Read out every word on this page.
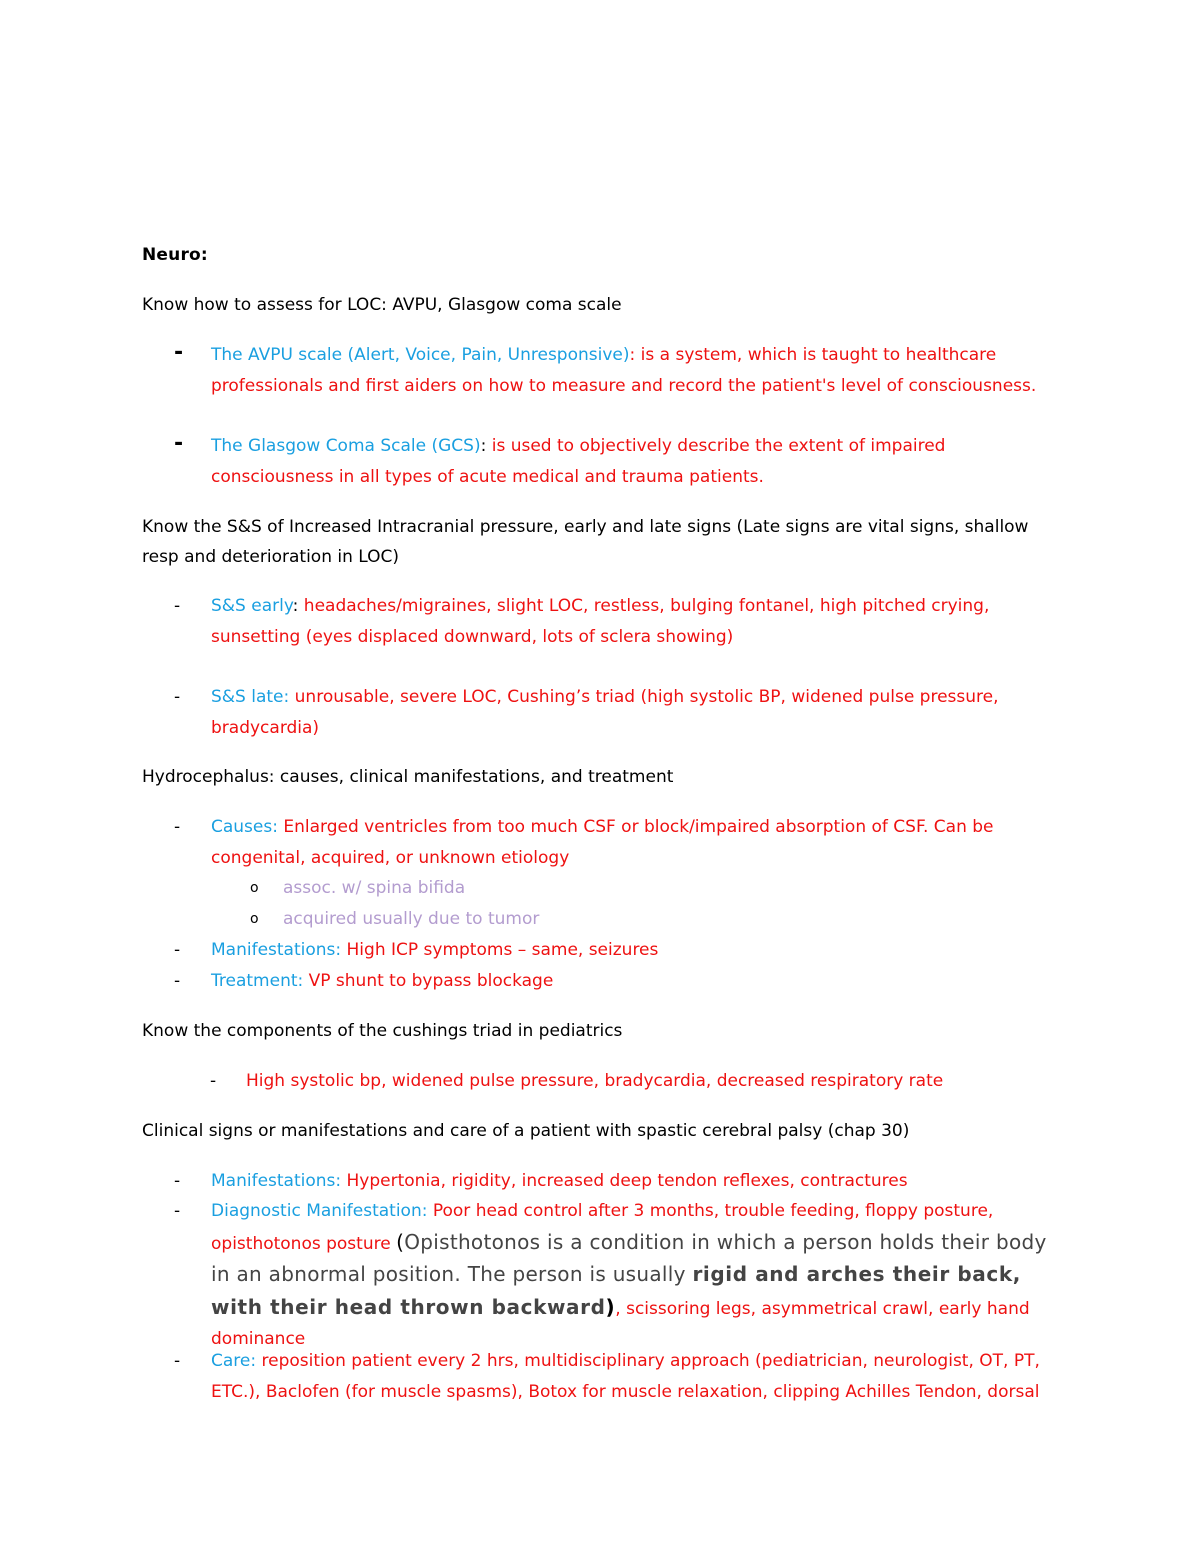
Neuro:
Know how to assess for LOC: AVPU, Glasgow coma scale
- The AVPU scale (Alert, Voice, Pain, Unresponsive): is a system, which is taught to healthcare professionals and first aiders on how to measure and record the patient's level of consciousness.
- The Glasgow Coma Scale (GCS): is used to objectively describe the extent of impaired consciousness in all types of acute medical and trauma patients.
Know the S&S of Increased Intracranial pressure, early and late signs (Late signs are vital signs, shallow resp and deterioration in LOC)
- S&S early: headaches/migraines, slight LOC, restless, bulging fontanel, high pitched crying, sunsetting (eyes displaced downward, lots of sclera showing)
- S&S late: unrousable, severe LOC, Cushing’s triad (high systolic BP, widened pulse pressure, bradycardia)
Hydrocephalus: causes, clinical manifestations, and treatment
- Causes: Enlarged ventricles from too much CSF or block/impaired absorption of CSF. Can be congenital, acquired, or unknown etiology
o assoc. w/ spina bifida
o acquired usually due to tumor
- Manifestations: High ICP symptoms – same, seizures
- Treatment: VP shunt to bypass blockage
Know the components of the cushings triad in pediatrics
- High systolic bp, widened pulse pressure, bradycardia, decreased respiratory rate
Clinical signs or manifestations and care of a patient with spastic cerebral palsy (chap 30)
- Manifestations: Hypertonia, rigidity, increased deep tendon reflexes, contractures
- Diagnostic Manifestation: Poor head control after 3 months, trouble feeding, floppy posture, opisthotonos posture (Opisthotonos is a condition in which a person holds their body in an abnormal position. The person is usually rigid and arches their back, with their head thrown backward), scissoring legs, asymmetrical crawl, early hand dominance
- Care: reposition patient every 2 hrs, multidisciplinary approach (pediatrician, neurologist, OT, PT, ETC.), Baclofen (for muscle spasms), Botox for muscle relaxation, clipping Achilles Tendon, dorsal
